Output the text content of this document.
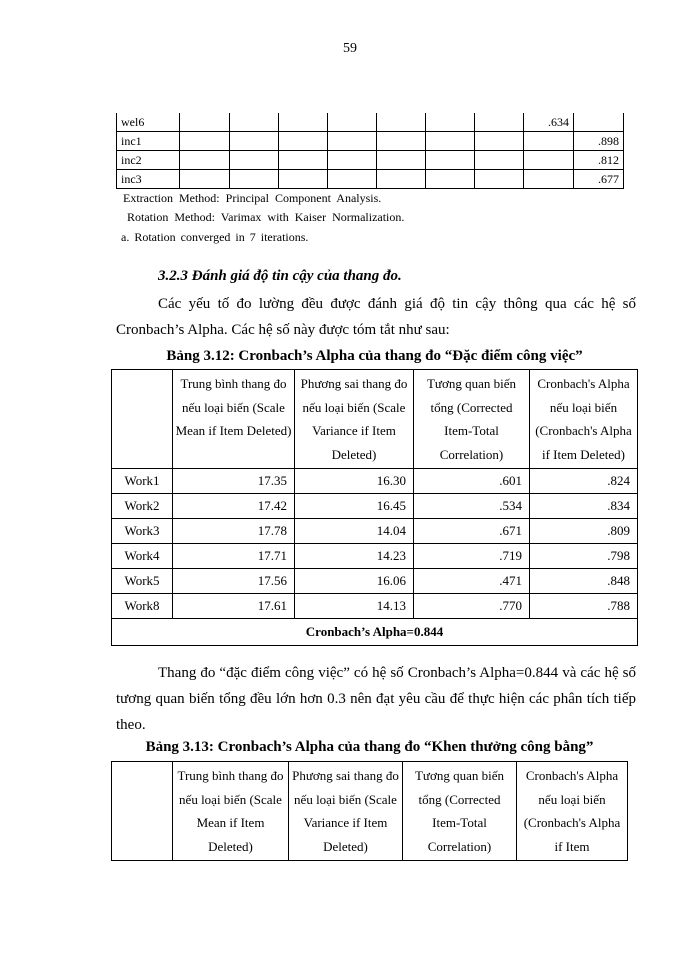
59
wel6								.634	
inc1									.898
inc2									.812
inc3									.677
Extraction Method: Principal Component Analysis.
Rotation Method: Varimax with Kaiser Normalization.
a. Rotation converged in 7 iterations.
3.2.3 Đánh giá độ tin cậy của thang đo.
Các yếu tố đo lường đều được đánh giá độ tin cậy thông qua các hệ số Cronbach’s Alpha. Các hệ số này được tóm tắt như sau:
Bảng 3.12: Cronbach’s Alpha của thang đo “Đặc điểm công việc”
	Trung bình thang đo nếu loại biến (Scale Mean if Item Deleted)	Phương sai thang đo nếu loại biến (Scale Variance if Item Deleted)	Tương quan biến tổng (Corrected Item-Total Correlation)	Cronbach's Alpha nếu loại biến (Cronbach's Alpha if Item Deleted)
Work1	17.35	16.30	.601	.824
Work2	17.42	16.45	.534	.834
Work3	17.78	14.04	.671	.809
Work4	17.71	14.23	.719	.798
Work5	17.56	16.06	.471	.848
Work8	17.61	14.13	.770	.788
Cronbach’s Alpha=0.844				
Thang đo “đặc điểm công việc” có hệ số Cronbach’s Alpha=0.844 và các hệ số tương quan biến tổng đều lớn hơn 0.3 nên đạt yêu cầu để thực hiện các phân tích tiếp theo.
Bảng 3.13: Cronbach’s Alpha của thang đo “Khen thưởng công bằng”
	Trung bình thang đo nếu loại biến (Scale Mean if Item Deleted)	Phương sai thang đo nếu loại biến (Scale Variance if Item Deleted)	Tương quan biến tổng (Corrected Item-Total Correlation)	Cronbach's Alpha nếu loại biến (Cronbach's Alpha if Item
